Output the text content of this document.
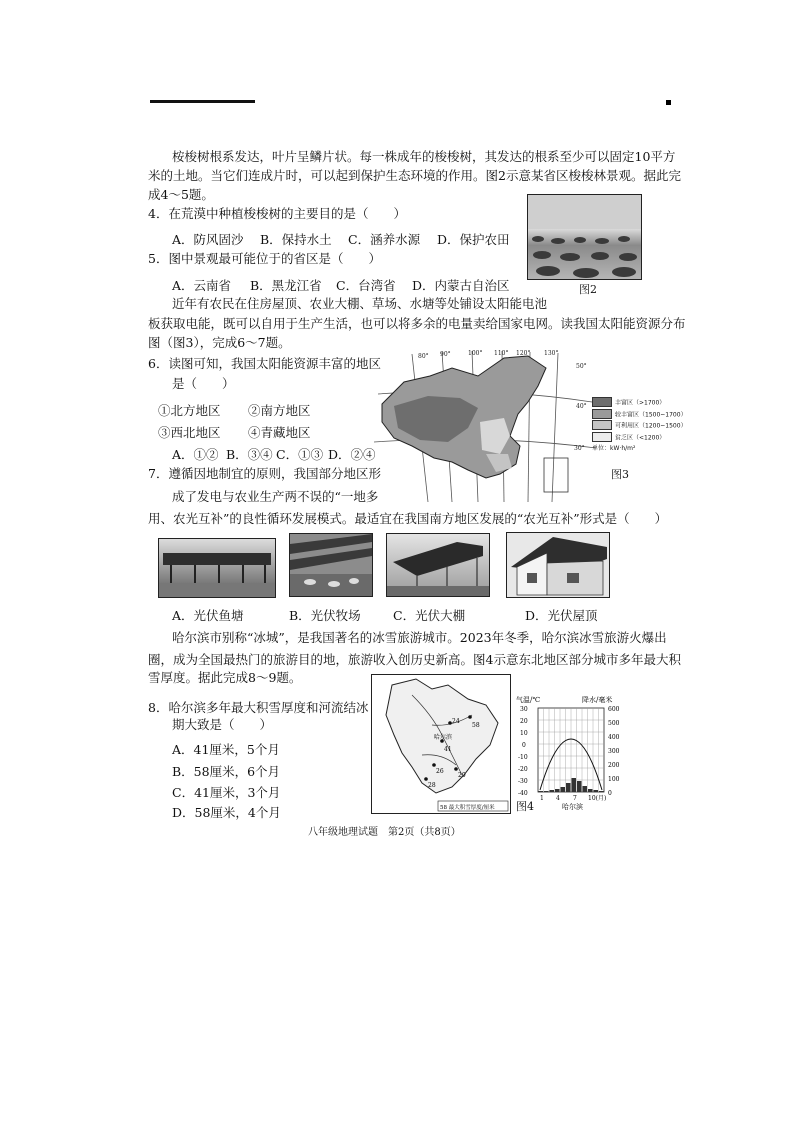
桉梭树根系发达，叶片呈鳞片状。每一株成年的梭梭树，其发达的根系至少可以固定10平方
米的土地。当它们连成片时，可以起到保护生态环境的作用。图2示意某省区梭梭林景观。据此完
成4～5题。
4．在荒漠中种植梭梭树的主要目的是（　　）
A．防风固沙 B．保持水土 C．涵养水源 D．保护农田
5．图中景观最可能位于的省区是（　　）
A．云南省 B．黑龙江省 C．台湾省 D．内蒙古自治区	图2
近年有农民在住房屋顶、农业大棚、草场、水塘等处铺设太阳能电池
板获取电能，既可以自用于生产生活，也可以将多余的电量卖给国家电网。读我国太阳能资源分布
图（图3），完成6～7题。
6．读图可知，我国太阳能资源丰富的地区
是（　　）
①北方地区 ②南方地区
③西北地区 ④青藏地区
A．①② B．③④ C．①③ D．②④
80° 90°	100° 110° 120° 130°
50°
40°
30°
丰富区（>1700）
较丰富区（1500~1700）
可利用区（1200~1500）
贫乏区（<1200）
单位：kW·h/m²
图3
7．遵循因地制宜的原则，我国部分地区形
成了发电与农业生产两不误的“一地多
用、农光互补”的良性循环发展模式。最适宜在我国南方地区发展的“农光互补”形式是（　　）
A．光伏鱼塘	B．光伏牧场	C．光伏大棚	D．光伏屋顶
哈尔滨市别称“冰城”，是我国著名的冰雪旅游城市。2023年冬季，哈尔滨冰雪旅游火爆出
圈，成为全国最热门的旅游目的地，旅游收入创历史新高。图4示意东北地区部分城市多年最大积
雪厚度。据此完成8～9题。
8．哈尔滨多年最大积雪厚度和河流结冰
期大致是（　　）
A．41厘米，5个月
B．58厘米，6个月
C．41厘米，3个月
D．58厘米，4个月
24
58
41
26
20
28
哈尔滨
58 最大积雪厚度/厘米
气温/℃	降水/毫米
30
20
10
0
-10
-20
-30
-40
600
500
400
300
200
100
0
1 4 7 10(月)
哈尔滨
图4
八年级地理试题　第2页（共8页）
